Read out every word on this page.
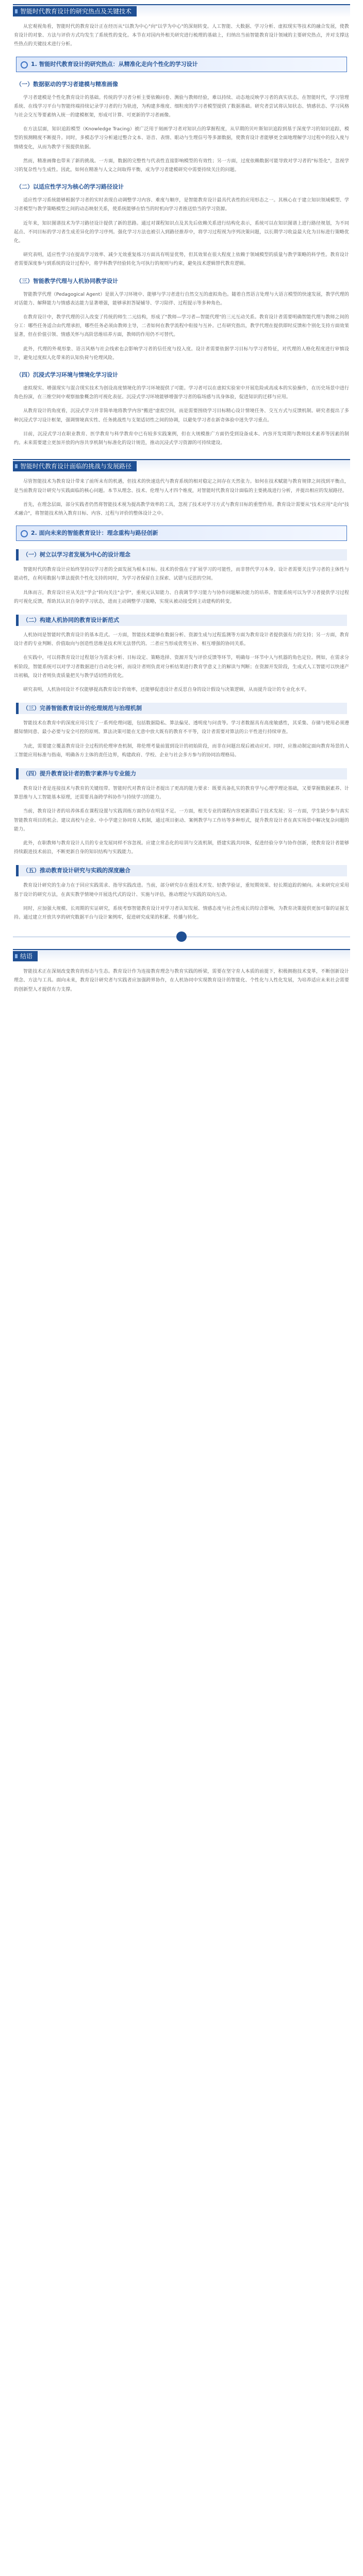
智能时代教育设计的研究热点及关键技术

从宏观视角看，智能时代的教育设计正在经历从"以教为中心"向"以学为中心"的深刻转变。人工智能、大数据、学习分析、虚拟现实等技术的融合发展，使教育设计的对象、方法与评价方式均发生了系统性的变化。本节在对国内外相关研究进行梳理的基础上，归纳出当前智能教育设计领域的主要研究热点，并对支撑这些热点的关键技术进行分析。

1. 智能时代教育设计的研究热点：从精准化走向个性化的学习设计
（一）数据驱动的学习者建模与精准画像

学习者建模是个性化教育设计的基础。传统的学习者分析主要依赖问卷、测验与教师经验，难以持续、动态地反映学习者的真实状态。在智能时代，学习管理系统、在线学习平台与智能终端持续记录学习者的行为轨迹，为构建多维度、细粒度的学习者模型提供了数据基础。研究者尝试将认知状态、情感状态、学习风格与社会交互等要素纳入统一的建模框架，形成可计算、可更新的学习者画像。

在方法层面，知识追踪模型（Knowledge Tracing）被广泛用于刻画学习者对知识点的掌握程度，从早期的贝叶斯知识追踪到基于深度学习的知识追踪，模型的预测精度不断提升。同时，多模态学习分析通过整合文本、语音、表情、眼动与生理信号等多源数据，使教育设计者能够更全面地理解学习过程中的投入度与情绪变化，从而为教学干预提供依据。

然而，精准画像也带来了新的挑战。一方面，数据的完整性与代表性直接影响模型的有效性；另一方面，过度依赖数据可能导致对学习者的"标签化"，忽视学习的复杂性与生成性。因此，如何在精准与人文之间取得平衡，成为学习者建模研究中需要持续关注的问题。

（二）以适应性学习为核心的学习路径设计

适应性学习系统能够根据学习者的实时表现自动调整学习内容、难度与顺序，是智能教育设计最具代表性的应用形态之一。其核心在于建立知识领域模型、学习者模型与教学策略模型之间的动态映射关系，使系统能够在恰当的时机向学习者推送恰当的学习资源。

近年来，知识图谱技术为学习路径设计提供了新的思路。通过对课程知识点及其先后依赖关系进行结构化表示，系统可以在知识图谱上进行路径规划，为不同起点、不同目标的学习者生成差异化的学习序列。强化学习方法也被引入到路径推荐中，将学习过程视为序列决策问题，以长期学习收益最大化为目标进行策略优化。

研究表明，适应性学习在提高学习效率、减少无效重复练习方面具有明显优势，但其效果在很大程度上依赖于领域模型的质量与教学策略的科学性。教育设计者需要深度参与到系统的设计过程中，将学科教学经验转化为可执行的规则与约束，避免技术逻辑替代教育逻辑。

（三）智能教学代理与人机协同教学设计

智能教学代理（Pedagogical Agent）是嵌入学习环境中、能够与学习者进行自然交互的虚拟角色。随着自然语言处理与大语言模型的快速发展，教学代理的对话能力、解释能力与情感表达能力显著增强，能够承担答疑辅导、学习陪伴、过程提示等多种角色。

在教育设计中，教学代理的引入改变了传统的师生二元结构，形成了"教师—学习者—智能代理"的三元互动关系。教育设计者需要明确智能代理与教师之间的分工：哪些任务适合由代理承担，哪些任务必须由教师主导，二者如何在教学流程中衔接与互补。已有研究指出，教学代理在提供即时反馈和个别化支持方面效果显著，但在价值引领、情感关怀与高阶思维培养方面，教师的作用仍不可替代。

此外，代理的外观形象、语言风格与社会线索也会影响学习者的信任度与投入度。设计者需要依据学习目标与学习者特征，对代理的人格化程度进行审慎设计，避免过度拟人化带来的认知负荷与伦理风险。

（四）沉浸式学习环境与情境化学习设计

虚拟现实、增强现实与混合现实技术为创设高度情境化的学习环境提供了可能。学习者可以在虚拟实验室中开展危险或高成本的实验操作，在历史场景中进行角色扮演，在三维空间中观察抽象概念的可视化表征。沉浸式学习环境能够增强学习者的临场感与具身体验，促进知识的迁移与应用。

从教育设计的角度看，沉浸式学习并非简单地将教学内容"搬进"虚拟空间，而是需要围绕学习目标精心设计情境任务、交互方式与反馈机制。研究者提出了多种沉浸式学习设计框架，强调情境真实性、任务挑战性与支架适切性之间的协调，以避免学习者在新奇体验中迷失学习重点。

目前，沉浸式学习在职业教育、医学教育与科学教育中已有较多实践案例，但在大规模推广方面仍受到设备成本、内容开发周期与教师技术素养等因素的制约。未来需要建立更加开放的内容共享机制与标准化的设计规范，推动沉浸式学习资源的可持续建设。

智能时代教育设计面临的挑战与发展路径

尽管智能技术为教育设计带来了前所未有的机遇，但技术的快速迭代与教育系统的相对稳定之间存在天然张力。如何在技术赋能与教育规律之间找到平衡点，是当前教育设计研究与实践面临的核心问题。本节从理念、技术、伦理与人才四个维度，对智能时代教育设计面临的主要挑战进行分析，并提出相应的发展路径。

首先，在理念层面，部分实践者仍然将智能技术视为提高教学效率的工具，忽视了技术对学习方式与教育目标的重塑作用。教育设计需要从"技术应用"走向"技术融合"，将智能技术纳入教育目标、内容、过程与评价的整体设计之中。

2. 面向未来的智能教育设计：理念重构与路径创新
（一）树立以学习者发展为中心的设计理念

智能时代的教育设计应始终坚持以学习者的全面发展为根本目标。技术的价值在于扩展学习的可能性，而非替代学习本身。设计者需要关注学习者的主体性与能动性，在利用数据与算法提供个性化支持的同时，为学习者保留自主探索、试错与反思的空间。

具体而言，教育设计应从关注"学会"转向关注"会学"，重视元认知能力、自我调节学习能力与协作问题解决能力的培养。智能系统可以为学习者提供学习过程的可视化反馈，帮助其认识自身的学习状态，进而主动调整学习策略，实现从被动接受到主动建构的转变。

（二）构建人机协同的教育设计新范式

人机协同是智能时代教育设计的基本范式。一方面，智能技术能够在数据分析、资源生成与过程监测等方面为教育设计者提供强有力的支持；另一方面，教育设计者的专业判断、价值取向与创造性思维是技术所无法替代的。二者应当形成优势互补、相互增强的协同关系。

在实践中，可以将教育设计过程划分为需求分析、目标设定、策略选择、资源开发与评价反馈等环节，明确每一环节中人与机器的角色定位。例如，在需求分析阶段，智能系统可以对学习者数据进行自动化分析，而设计者则负责对分析结果进行教育学意义上的解读与判断；在资源开发阶段，生成式人工智能可以快速产出初稿，设计者则负责质量把关与教学适切性的优化。

研究表明，人机协同设计不仅能够提高教育设计的效率，还能够促进设计者反思自身的设计假设与决策逻辑，从而提升设计的专业化水平。

（三）完善智能教育设计的伦理规范与治理机制

智能技术在教育中的深度应用引发了一系列伦理问题，包括数据隐私、算法偏见、透明度与问责等。学习者数据具有高度敏感性，其采集、存储与使用必须遵循知情同意、最小必要与安全可控的原则。算法决策可能在无意中放大既有的教育不平等，设计者需要对算法的公平性进行持续审查。

为此，需要建立覆盖教育设计全过程的伦理审查机制，将伦理考量前置到设计的初始阶段，而非在问题出现后被动应对。同时，应推动制定面向教育场景的人工智能应用标准与指南，明确各方主体的责任边界，构建政府、学校、企业与社会多方参与的协同治理格局。

（四）提升教育设计者的数字素养与专业能力

教育设计者是连接技术与教育的关键纽带。智能时代对教育设计者提出了更高的能力要求：既要具备扎实的教育学与心理学理论基础，又要掌握数据素养、计算思维与人工智能基本原理，还需要具备跨学科协作与持续学习的能力。

当前，教育设计者的培养体系在课程设置与实践训练方面仍存在明显不足。一方面，相关专业的课程内容更新滞后于技术发展；另一方面，学生缺少参与真实智能教育项目的机会。建议高校与企业、中小学建立协同育人机制，通过项目驱动、案例教学与工作坊等多种形式，提升教育设计者在真实场景中解决复杂问题的能力。

此外，在职教师与教育设计人员的专业发展同样不容忽视。应建立常态化的培训与交流机制，搭建实践共同体，促进经验分享与协作创新，使教育设计者能够持续跟进技术前沿，不断更新自身的知识结构与实践能力。

（五）推动教育设计研究与实践的深度融合

教育设计研究的生命力在于回应实践需求、指导实践改进。当前，部分研究存在重技术开发、轻教学验证，重短期效果、轻长期追踪的倾向。未来研究应采用基于设计的研究方法，在真实教学情境中开展迭代式的设计、实施与评估，推动理论与实践的双向互动。

同时，应加强大规模、长周期的实证研究，系统考察智能教育设计对学习者认知发展、情感态度与社会性成长的综合影响，为教育决策提供更加可靠的证据支持。通过建立开放共享的研究数据平台与设计案例库，促进研究成果的积累、传播与转化。

结语

智能技术正在深刻改变教育的形态与生态。教育设计作为连接教育理念与教育实践的桥梁，需要在坚守育人本质的前提下，积极拥抱技术变革，不断创新设计理念、方法与工具。面向未来，教育设计研究者与实践者应加强跨界协作，在人机协同中实现教育设计的智能化、个性化与人性化发展，为培养适应未来社会需要的创新型人才提供有力支撑。
